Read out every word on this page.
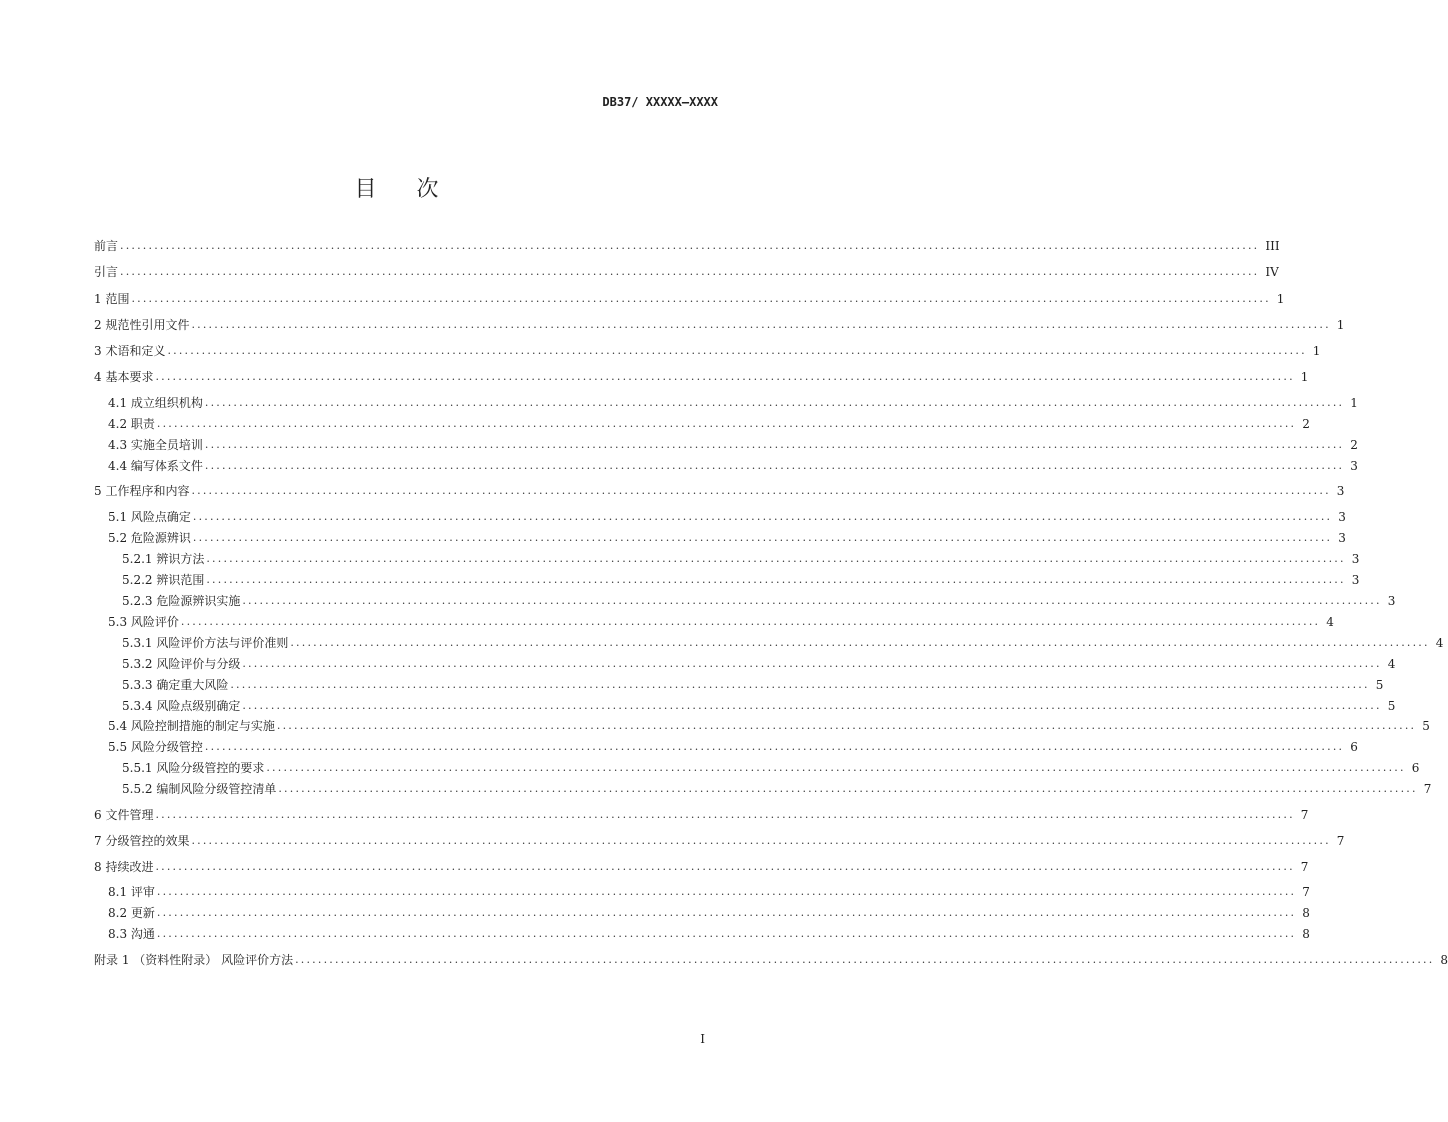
DB37/ XXXXX—XXXX
目次
前言 ........................................................................................................................................................................................................ III
引言 ........................................................................................................................................................................................................ IV
1 范围 ........................................................................................................................................................................................................ 1
2 规范性引用文件 ........................................................................................................................................................................................................ 1
3 术语和定义 ........................................................................................................................................................................................................ 1
4 基本要求 ........................................................................................................................................................................................................ 1
4.1 成立组织机构 ........................................................................................................................................................................................................ 1
4.2 职责 ........................................................................................................................................................................................................ 2
4.3 实施全员培训 ........................................................................................................................................................................................................ 2
4.4 编写体系文件 ........................................................................................................................................................................................................ 3
5 工作程序和内容 ........................................................................................................................................................................................................ 3
5.1 风险点确定 ........................................................................................................................................................................................................ 3
5.2 危险源辨识 ........................................................................................................................................................................................................ 3
5.2.1 辨识方法 ........................................................................................................................................................................................................ 3
5.2.2 辨识范围 ........................................................................................................................................................................................................ 3
5.2.3 危险源辨识实施 ........................................................................................................................................................................................................ 3
5.3 风险评价 ........................................................................................................................................................................................................ 4
5.3.1 风险评价方法与评价准则 ........................................................................................................................................................................................................ 4
5.3.2 风险评价与分级 ........................................................................................................................................................................................................ 4
5.3.3 确定重大风险 ........................................................................................................................................................................................................ 5
5.3.4 风险点级别确定 ........................................................................................................................................................................................................ 5
5.4 风险控制措施的制定与实施 ........................................................................................................................................................................................................ 5
5.5 风险分级管控 ........................................................................................................................................................................................................ 6
5.5.1 风险分级管控的要求 ........................................................................................................................................................................................................ 6
5.5.2 编制风险分级管控清单 ........................................................................................................................................................................................................ 7
6 文件管理 ........................................................................................................................................................................................................ 7
7 分级管控的效果 ........................................................................................................................................................................................................ 7
8 持续改进 ........................................................................................................................................................................................................ 7
8.1 评审 ........................................................................................................................................................................................................ 7
8.2 更新 ........................................................................................................................................................................................................ 8
8.3 沟通 ........................................................................................................................................................................................................ 8
附录 1 （资料性附录） 风险评价方法 ........................................................................................................................................................................................................ 8
I
